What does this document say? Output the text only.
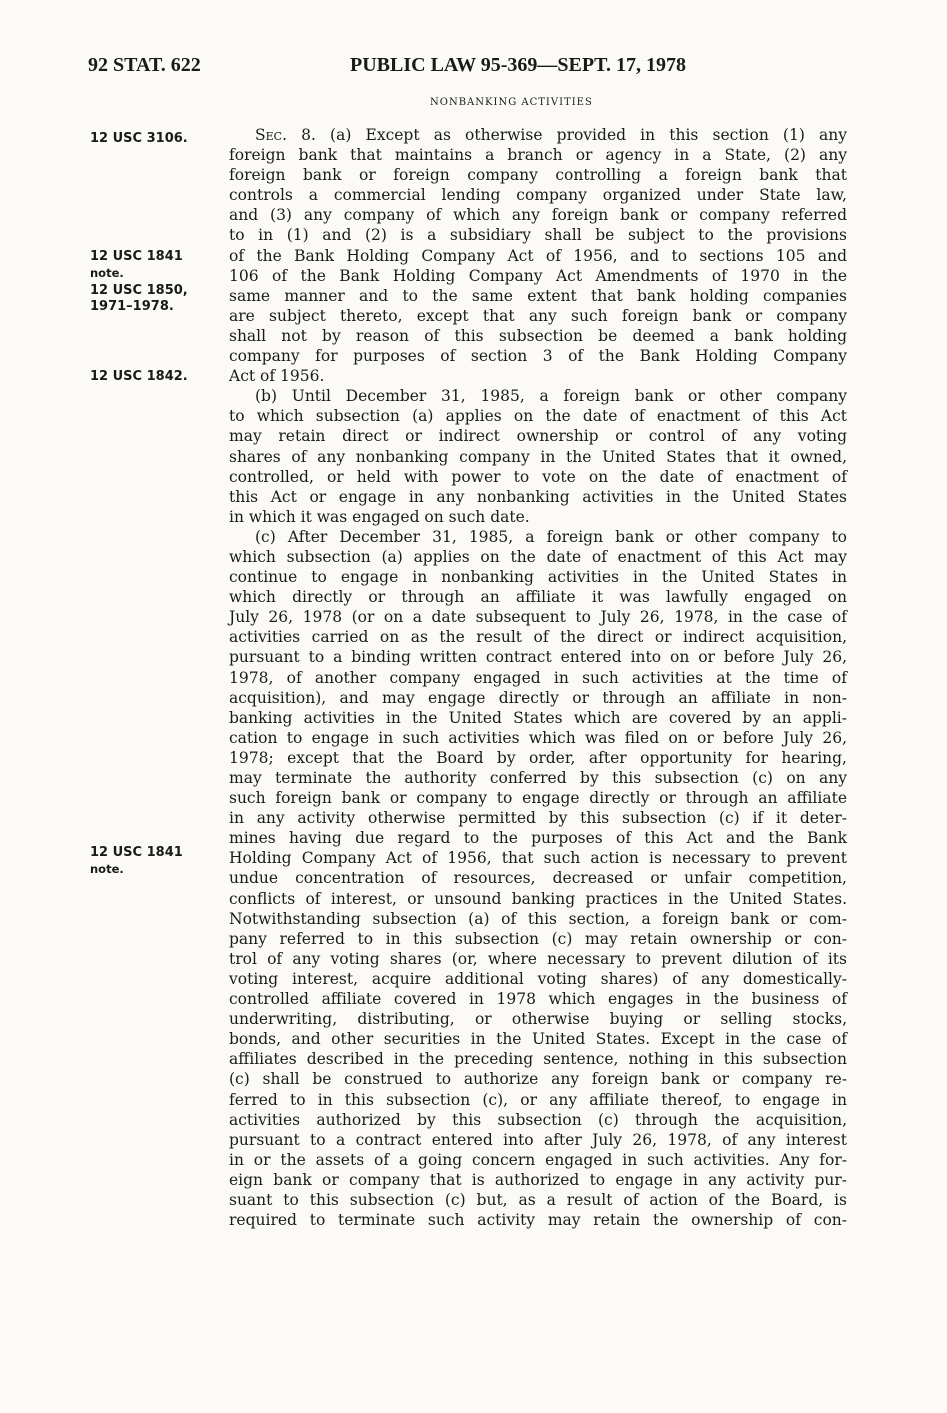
92 STAT. 622	PUBLIC LAW 95-369—SEPT. 17, 1978
NONBANKING ACTIVITIES
12 USC 3106.
12 USC 1841
note.
12 USC 1850,
1971–1978.
12 USC 1842.
12 USC 1841
note.
Sec. 8. (a) Except as otherwise provided in this section (1) any
foreign bank that maintains a branch or agency in a State, (2) any
foreign bank or foreign company controlling a foreign bank that
controls a commercial lending company organized under State law,
and (3) any company of which any foreign bank or company referred
to in (1) and (2) is a subsidiary shall be subject to the provisions
of the Bank Holding Company Act of 1956, and to sections 105 and
106 of the Bank Holding Company Act Amendments of 1970 in the
same manner and to the same extent that bank holding companies
are subject thereto, except that any such foreign bank or company
shall not by reason of this subsection be deemed a bank holding
company for purposes of section 3 of the Bank Holding Company
Act of 1956.
(b) Until December 31, 1985, a foreign bank or other company
to which subsection (a) applies on the date of enactment of this Act
may retain direct or indirect ownership or control of any voting
shares of any nonbanking company in the United States that it owned,
controlled, or held with power to vote on the date of enactment of
this Act or engage in any nonbanking activities in the United States
in which it was engaged on such date.
(c) After December 31, 1985, a foreign bank or other company to
which subsection (a) applies on the date of enactment of this Act may
continue to engage in nonbanking activities in the United States in
which directly or through an affiliate it was lawfully engaged on
July 26, 1978 (or on a date subsequent to July 26, 1978, in the case of
activities carried on as the result of the direct or indirect acquisition,
pursuant to a binding written contract entered into on or before July 26,
1978, of another company engaged in such activities at the time of
acquisition), and may engage directly or through an affiliate in non-
banking activities in the United States which are covered by an appli-
cation to engage in such activities which was filed on or before July 26,
1978; except that the Board by order, after opportunity for hearing,
may terminate the authority conferred by this subsection (c) on any
such foreign bank or company to engage directly or through an affiliate
in any activity otherwise permitted by this subsection (c) if it deter-
mines having due regard to the purposes of this Act and the Bank
Holding Company Act of 1956, that such action is necessary to prevent
undue concentration of resources, decreased or unfair competition,
conflicts of interest, or unsound banking practices in the United States.
Notwithstanding subsection (a) of this section, a foreign bank or com-
pany referred to in this subsection (c) may retain ownership or con-
trol of any voting shares (or, where necessary to prevent dilution of its
voting interest, acquire additional voting shares) of any domestically-
controlled affiliate covered in 1978 which engages in the business of
underwriting, distributing, or otherwise buying or selling stocks,
bonds, and other securities in the United States. Except in the case of
affiliates described in the preceding sentence, nothing in this subsection
(c) shall be construed to authorize any foreign bank or company re-
ferred to in this subsection (c), or any affiliate thereof, to engage in
activities authorized by this subsection (c) through the acquisition,
pursuant to a contract entered into after July 26, 1978, of any interest
in or the assets of a going concern engaged in such activities. Any for-
eign bank or company that is authorized to engage in any activity pur-
suant to this subsection (c) but, as a result of action of the Board, is
required to terminate such activity may retain the ownership of con-
